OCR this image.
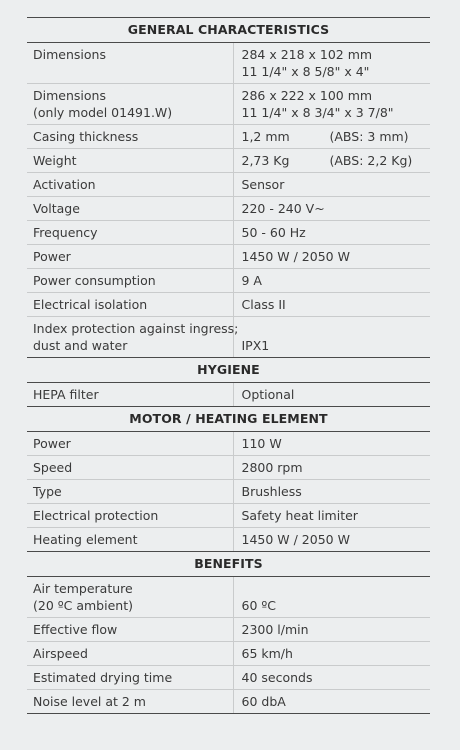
GENERAL CHARACTERISTICS	

Dimensions	284 x 218 x 102 mm
11 1/4" x 8 5/8" x 4"

Dimensions
(only model 01491.W)	286 x 222 x 100 mm
11 1/4" x 8 3/4" x 3 7/8"

Casing thickness	1,2 mm (ABS: 3 mm)

Weight	2,73 Kg (ABS: 2,2 Kg)

Activation	Sensor

Voltage	220 - 240 V~

Frequency	50 - 60 Hz

Power	1450 W / 2050 W

Power consumption	9 A

Electrical isolation	Class II

Index protection against ingress;
dust and water	IPX1

HYGIENE	

HEPA filter	Optional

MOTOR / HEATING ELEMENT	

Power	110 W

Speed	2800 rpm

Type	Brushless

Electrical protection	Safety heat limiter

Heating element	1450 W / 2050 W

BENEFITS	

Air temperature
(20 ºC ambient)	60 ºC

Effective flow	2300 l/min

Airspeed	65 km/h

Estimated drying time	40 seconds

Noise level at 2 m	60 dbA
